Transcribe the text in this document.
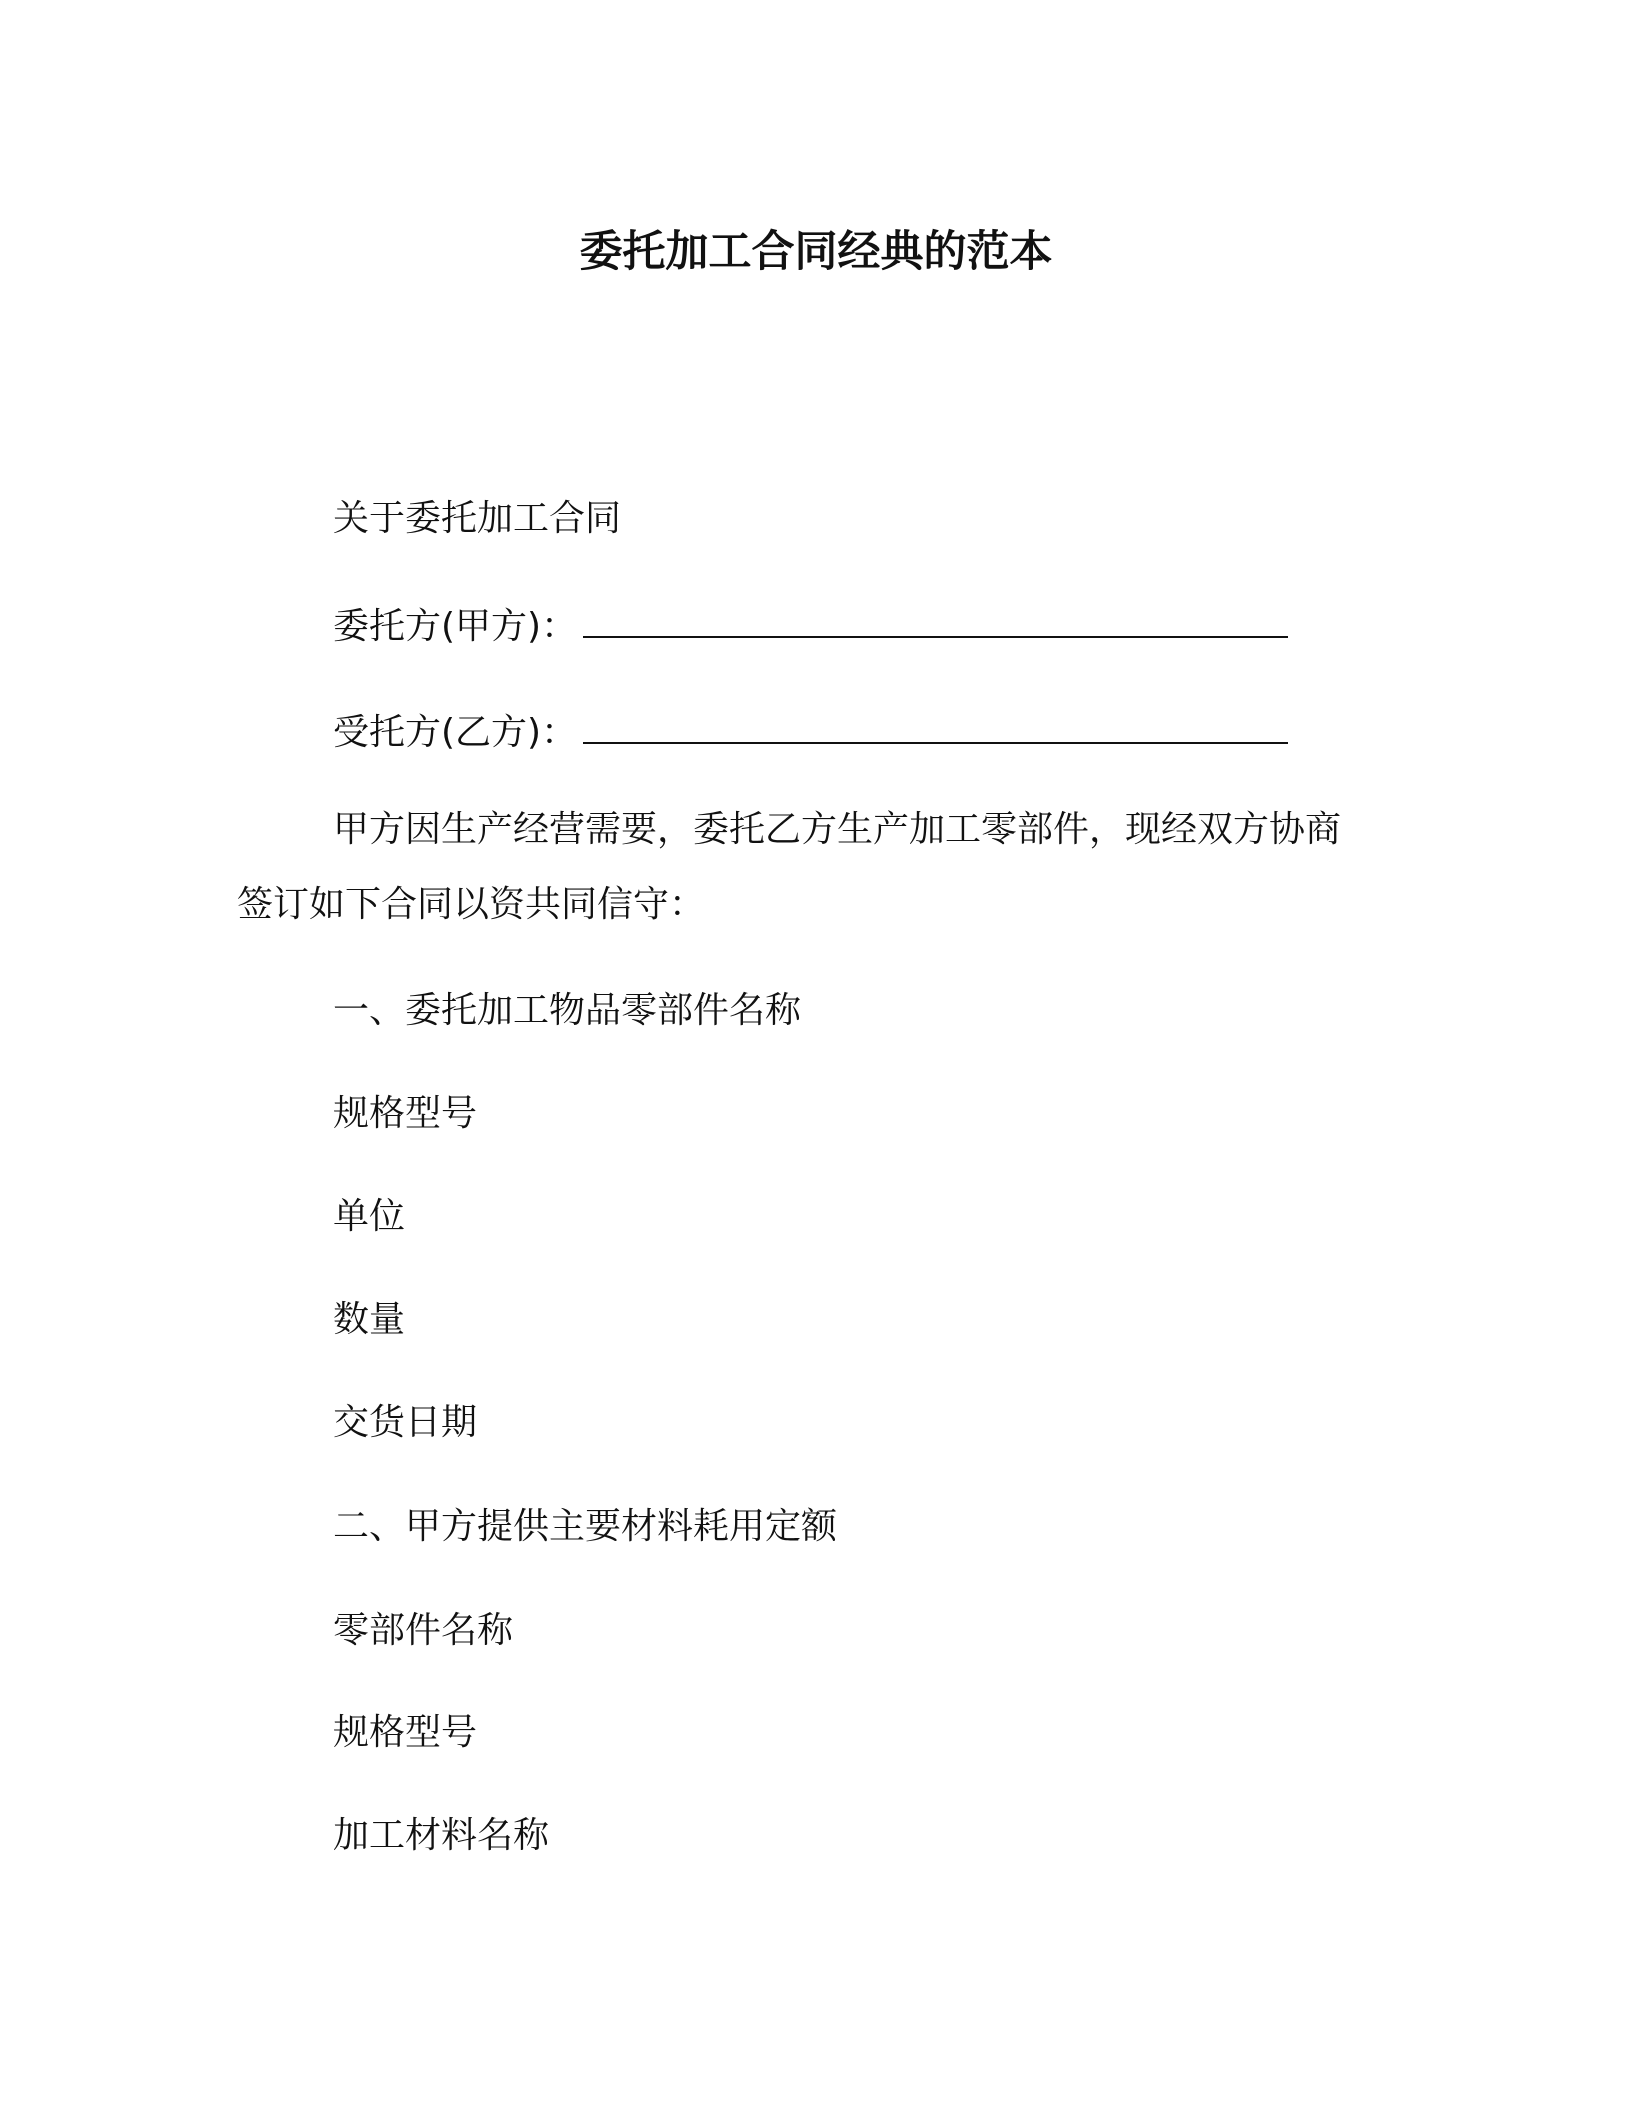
委托加工合同经典的范本
关于委托加工合同
委托方(甲方)：
受托方(乙方)：
甲方因生产经营需要，委托乙方生产加工零部件，现经双方协商
签订如下合同以资共同信守：
一、委托加工物品零部件名称
规格型号
单位
数量
交货日期
二、甲方提供主要材料耗用定额
零部件名称
规格型号
加工材料名称
